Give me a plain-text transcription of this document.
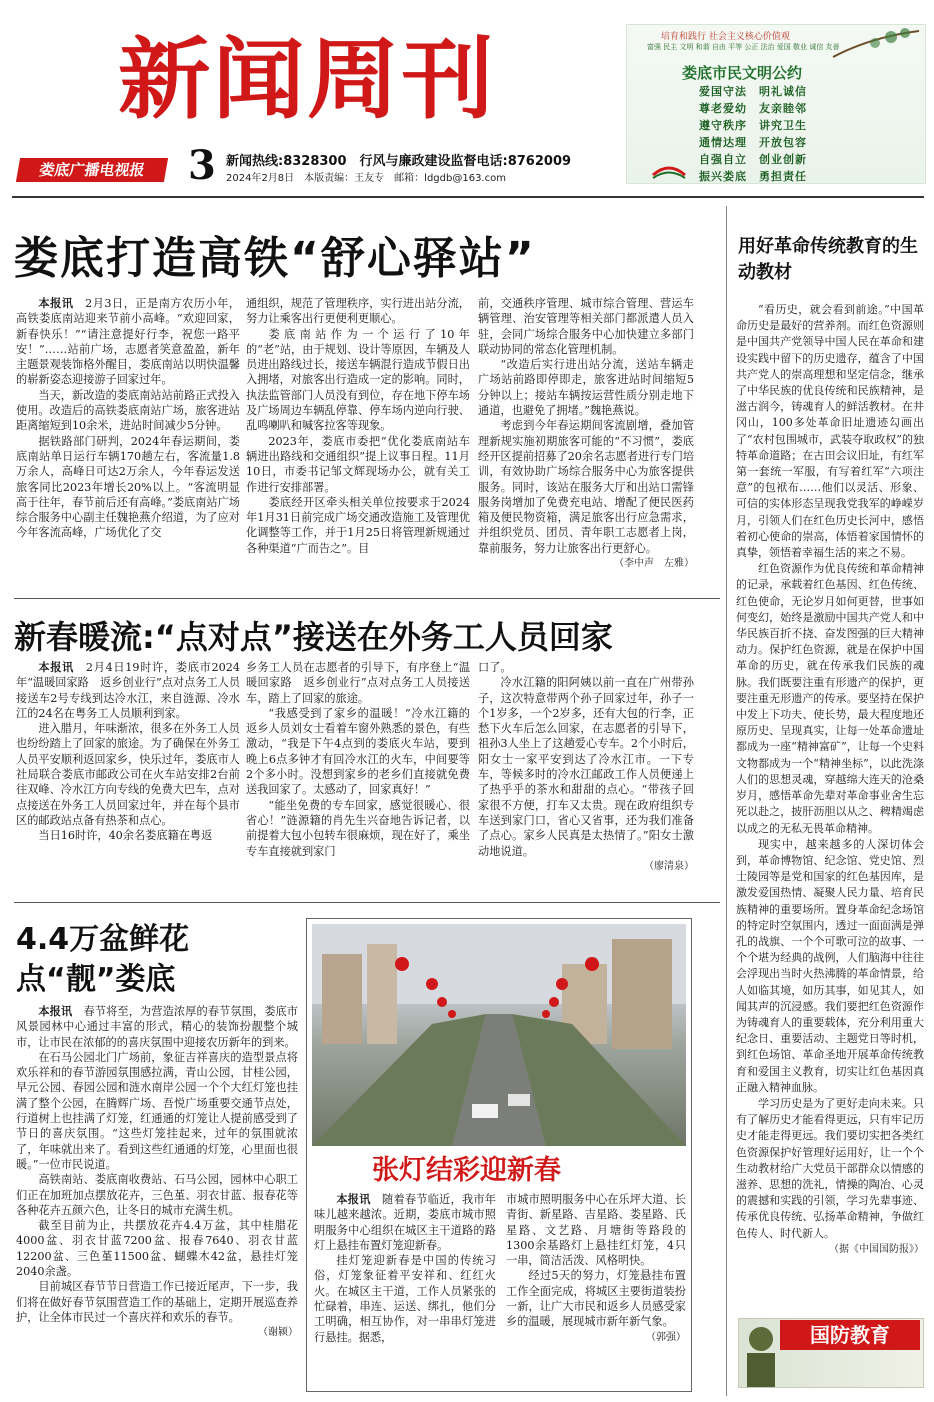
新闻周刊	培育和践行 社会主义核心价值观
富强 民主 文明 和谐 自由 平等 公正 法治 爱国 敬业 诚信 友善
娄底市民文明公约
爱国守法　明礼诚信
尊老爱幼　友亲睦邻
遵守秩序　讲究卫生
通情达理　开放包容
自强自立　创业创新
振兴娄底　勇担责任
娄底广播电视报	3 新闻热线:8328300　行风与廉政建设监督电话:8762009
2024年2月8日　本版责编：王友专　邮箱：ldgdb@163.com
娄底打造高铁“舒心驿站”

本报讯　2月3日，正是南方农历小年，高铁娄底南站迎来节前小高峰。“欢迎回家，新春快乐！”“请注意提好行李，祝您一路平安！”……站前广场，志愿者笑意盈盈，新年主题景观装饰格外醒目，娄底南站以明快温馨的崭新姿态迎接游子回家过年。

当天，新改造的娄底南站站前路正式投入使用。改造后的高铁娄底南站广场，旅客进站距离缩短到10余米，进站时间减少5分钟。

据铁路部门研判，2024年春运期间，娄底南站单日运行车辆170趟左右，客流量1.8万余人，高峰日可达2万余人，今年春运发送旅客同比2023年增长20%以上。“客流明显高于往年，春节前后还有高峰。”娄底南站广场综合服务中心副主任魏艳燕介绍道，为了应对今年客流高峰，广场优化了交

通组织，规范了管理秩序，实行进出站分流，努力让乘客出行更便利更顺心。

娄底南站作为一个运行了10年的“老”站，由于规划、设计等原因，车辆及人员进出路线过长，接送车辆混行造成节假日出入拥堵，对旅客出行造成一定的影响。同时，执法监管部门人员没有到位，存在地下停车场及广场周边车辆乱停靠、停车场内逆向行驶、乱鸣喇叭和喊客拉客等现象。

2023年，娄底市委把“优化娄底南站车辆进出路线和交通组织”提上议事日程。11月10日，市委书记邹文辉现场办公，就有关工作进行安排部署。

娄底经开区牵头相关单位按要求于2024年1月31日前完成广场交通改造施工及管理优化调整等工作，并于1月25日将管理新规通过各种渠道“广而告之”。目

前，交通秩序管理、城市综合管理、营运车辆管理、治安管理等相关部门都派遣人员入驻，会同广场综合服务中心加快建立多部门联动协同的常态化管理机制。

“改造后实行进出站分流，送站车辆走广场站前路即停即走，旅客进站时间缩短5分钟以上；接站车辆按运营性质分别走地下通道，也避免了拥堵。”魏艳燕说。

考虑到今年春运期间客流剧增，叠加管理新规实施初期旅客可能的“不习惯”，娄底经开区提前招募了20余名志愿者进行专门培训，有效协助广场综合服务中心为旅客提供服务。同时，该站在服务大厅和出站口需锋服务岗增加了免费充电站、增配了便民医药箱及便民物资箱，满足旅客出行应急需求，并组织党员、团员、青年职工志愿者上岗，靠前服务，努力让旅客出行更舒心。

（李中声　左雅）
新春暖流:“点对点”接送在外务工人员回家

本报讯　2月4日19时许，娄底市2024年“温暖回家路　返乡创业行”点对点务工人员接送车2号专线到达冷水江，来自涟源、冷水江的24名在粤务工人员顺利到家。

进入腊月，年味渐浓，很多在外务工人员也纷纷踏上了回家的旅途。为了确保在外务工人员平安顺利返回家乡，快乐过年，娄底市人社局联合娄底市邮政公司在火车站安排2台前往双峰、冷水江方向专线的免费大巴车，点对点接送在外务工人员回家过年，并在每个县市区的邮政站点备有热茶和点心。

当日16时许，40余名娄底籍在粤返

乡务工人员在志愿者的引导下，有序登上“温暖回家路　返乡创业行”点对点务工人员接送车，踏上了回家的旅途。

“我感受到了家乡的温暖！”冷水江籍的返乡人员刘女士看着车窗外熟悉的景色，有些激动，“我是下午4点到的娄底火车站，要到晚上6点多钟才有回冷水江的火车，中间要等2个多小时。没想到家乡的老乡们直接就免费送我回家了。太感动了，回家真好！”

“能坐免费的专车回家，感觉很暖心、很省心！”涟源籍的肖先生兴奋地告诉记者，以前提着大包小包转车很麻烦，现在好了，乘坐专车直接就到家门

口了。

冷水江籍的阳阿姨以前一直在广州带孙子，这次特意带两个孙子回家过年，孙子一个1岁多，一个2岁多，还有大包的行李，正愁下火车后怎么回家，在志愿者的引导下，祖孙3人坐上了这趟爱心专车。2个小时后，阳女士一家平安到达了冷水江市。一下专车，等候多时的冷水江邮政工作人员便递上了热乎乎的茶水和甜甜的点心。“带孩子回家很不方便，打车又太贵。现在政府组织专车送到家门口，省心又省事，还为我们准备了点心。家乡人民真是太热情了。”阳女士激动地说道。

（廖清泉）
4.4万盆鲜花
点“靓”娄底

本报讯　春节将至，为营造浓厚的春节氛围，娄底市风景园林中心通过丰富的形式，精心的装饰扮靓整个城市，让市民在浓郁的的喜庆氛围中迎接农历新年的到来。

在石马公园北门广场前，象征吉祥喜庆的造型景点将欢乐祥和的春节游园氛围感拉满，青山公园，甘桂公园，早元公园、春园公园和涟水南岸公园一个个大红灯笼也挂满了整个公园，在腾辉广场、吾悦广场重要交通节点处，行道树上也挂满了灯笼，红通通的灯笼让人提前感受到了节日的喜庆氛围。“这些灯笼挂起来，过年的氛围就浓了，年味就出来了。看到这些红通通的灯笼，心里面也很暖。”一位市民说道。

高铁南站、娄底南收费站、石马公园，园林中心职工们正在加班加点摆放花卉，三色堇、羽衣甘蓝、报春花等各种花卉五颜六色，让冬日的城市充满生机。

截至目前为止，共摆放花卉4.4万盆，其中桂腊花4000盆、羽衣甘蓝7200盆、报春7640、羽衣甘蓝12200盆、三色堇11500盆、蝴蝶木42盆，悬挂灯笼2040余盏。

目前城区春节节日营造工作已接近尾声，下一步，我们将在做好春节氛围营造工作的基础上，定期开展巡查养护，让全体市民过一个喜庆祥和欢乐的春节。

（谢颍）
张灯结彩迎新春

本报讯　随着春节临近，我市年味儿越来越浓。近期，娄底市城市照明服务中心组织在城区主干道路的路灯上悬挂布置灯笼迎新春。

挂灯笼迎新春是中国的传统习俗，灯笼象征着平安祥和、红红火火。在城区主干道，工作人员紧张的忙碌着，串连、运送、绑扎，他们分工明确，相互协作，对一串串灯笼进行悬挂。据悉，

市城市照明服务中心在乐坪大道、长青街、新星路、吉星路、娄星路、氏星路、文艺路、月塘街等路段的1300余基路灯上悬挂红灯笼，4只一串，简洁活泼、风格明快。

经过5天的努力，灯笼悬挂布置工作全面完成，将城区主要街道装扮一新，让广大市民和返乡人员感受家乡的温暖，展现城市新年新气象。

（郭强）
用好革命传统教育的生动教材

“看历史，就会看到前途。”中国革命历史是最好的营养剂。而红色资源则是中国共产党领导中国人民在革命和建设实践中留下的历史遗存，蕴含了中国共产党人的崇高理想和坚定信念，继承了中华民族的优良传统和民族精神，是滋古润今，铸魂育人的鲜活教材。在井冈山，100多处革命旧址遗迹勾画出了“农村包围城市，武装夺取政权”的独特革命道路；在古田会议旧址，有红军第一套统一军服，有写着红军“六项注意”的包袱布……他们以灵活、形象、可信的实体形态呈现我党我军的峥嵘岁月，引领人们在红色历史长河中，感悟着初心使命的崇高，体悟着家国情怀的真挚，领悟着幸福生活的来之不易。

红色资源作为优良传统和革命精神的记录，承载着红色基因、红色传统、红色使命，无论岁月如何更替，世事如何变幻，始终是激励中国共产党人和中华民族百折不挠、奋发图强的巨大精神动力。保护红色资源，就是在保护中国革命的历史，就在传承我们民族的魂脉。我们既要注重有形遗产的保护，更要注重无形遗产的传承。要坚持在保护中发上下功夫、使长势，最大程度地还原历史、呈现真实，让每一处革命遗址都成为一座“精神富矿”，让每一个史料文物都成为一个“精神坐标”，以此洗涤人们的思想灵魂，穿越绵大连天的沧桑岁月，感悟革命先辈对革命事业舍生忘死以赴之，披肝沥胆以从之、稗精竭虑以成之的无私无畏革命精神。

现实中，越来越多的人深切体会到，革命博物馆、纪念馆、党史馆、烈士陵园等是党和国家的红色基因库，是激发爱国热情、凝聚人民力量、培育民族精神的重要场所。置身革命纪念场馆的特定时空氛围内，透过一面面满是弹孔的战旗、一个个可歌可泣的故事、一个个堪为经典的战例，人们脑海中往往会浮现出当时火热沸腾的革命情景，给人如临其境，如历其事，如见其人，如闻其声的沉浸感。我们要把红色资源作为铸魂育人的重要载体，充分利用重大纪念日、重要活动、主题党日等时机，到红色场馆、革命圣地开展革命传统教育和爱国主义教育，切实让红色基因真正融入精神血脉。

学习历史是为了更好走向未来。只有了解历史才能看得更远，只有牢记历史才能走得更远。我们要切实把各类红色资源保护好管理好运用好，让一个个生动教材给广大党员干部群众以情感的滋养、思想的洗礼，情操的陶冶、心灵的震撼和实践的引领，学习先辈事迹、传承优良传统、弘扬革命精神，争做红色传人、时代新人。

（据《中国国防报》）
国防教育
